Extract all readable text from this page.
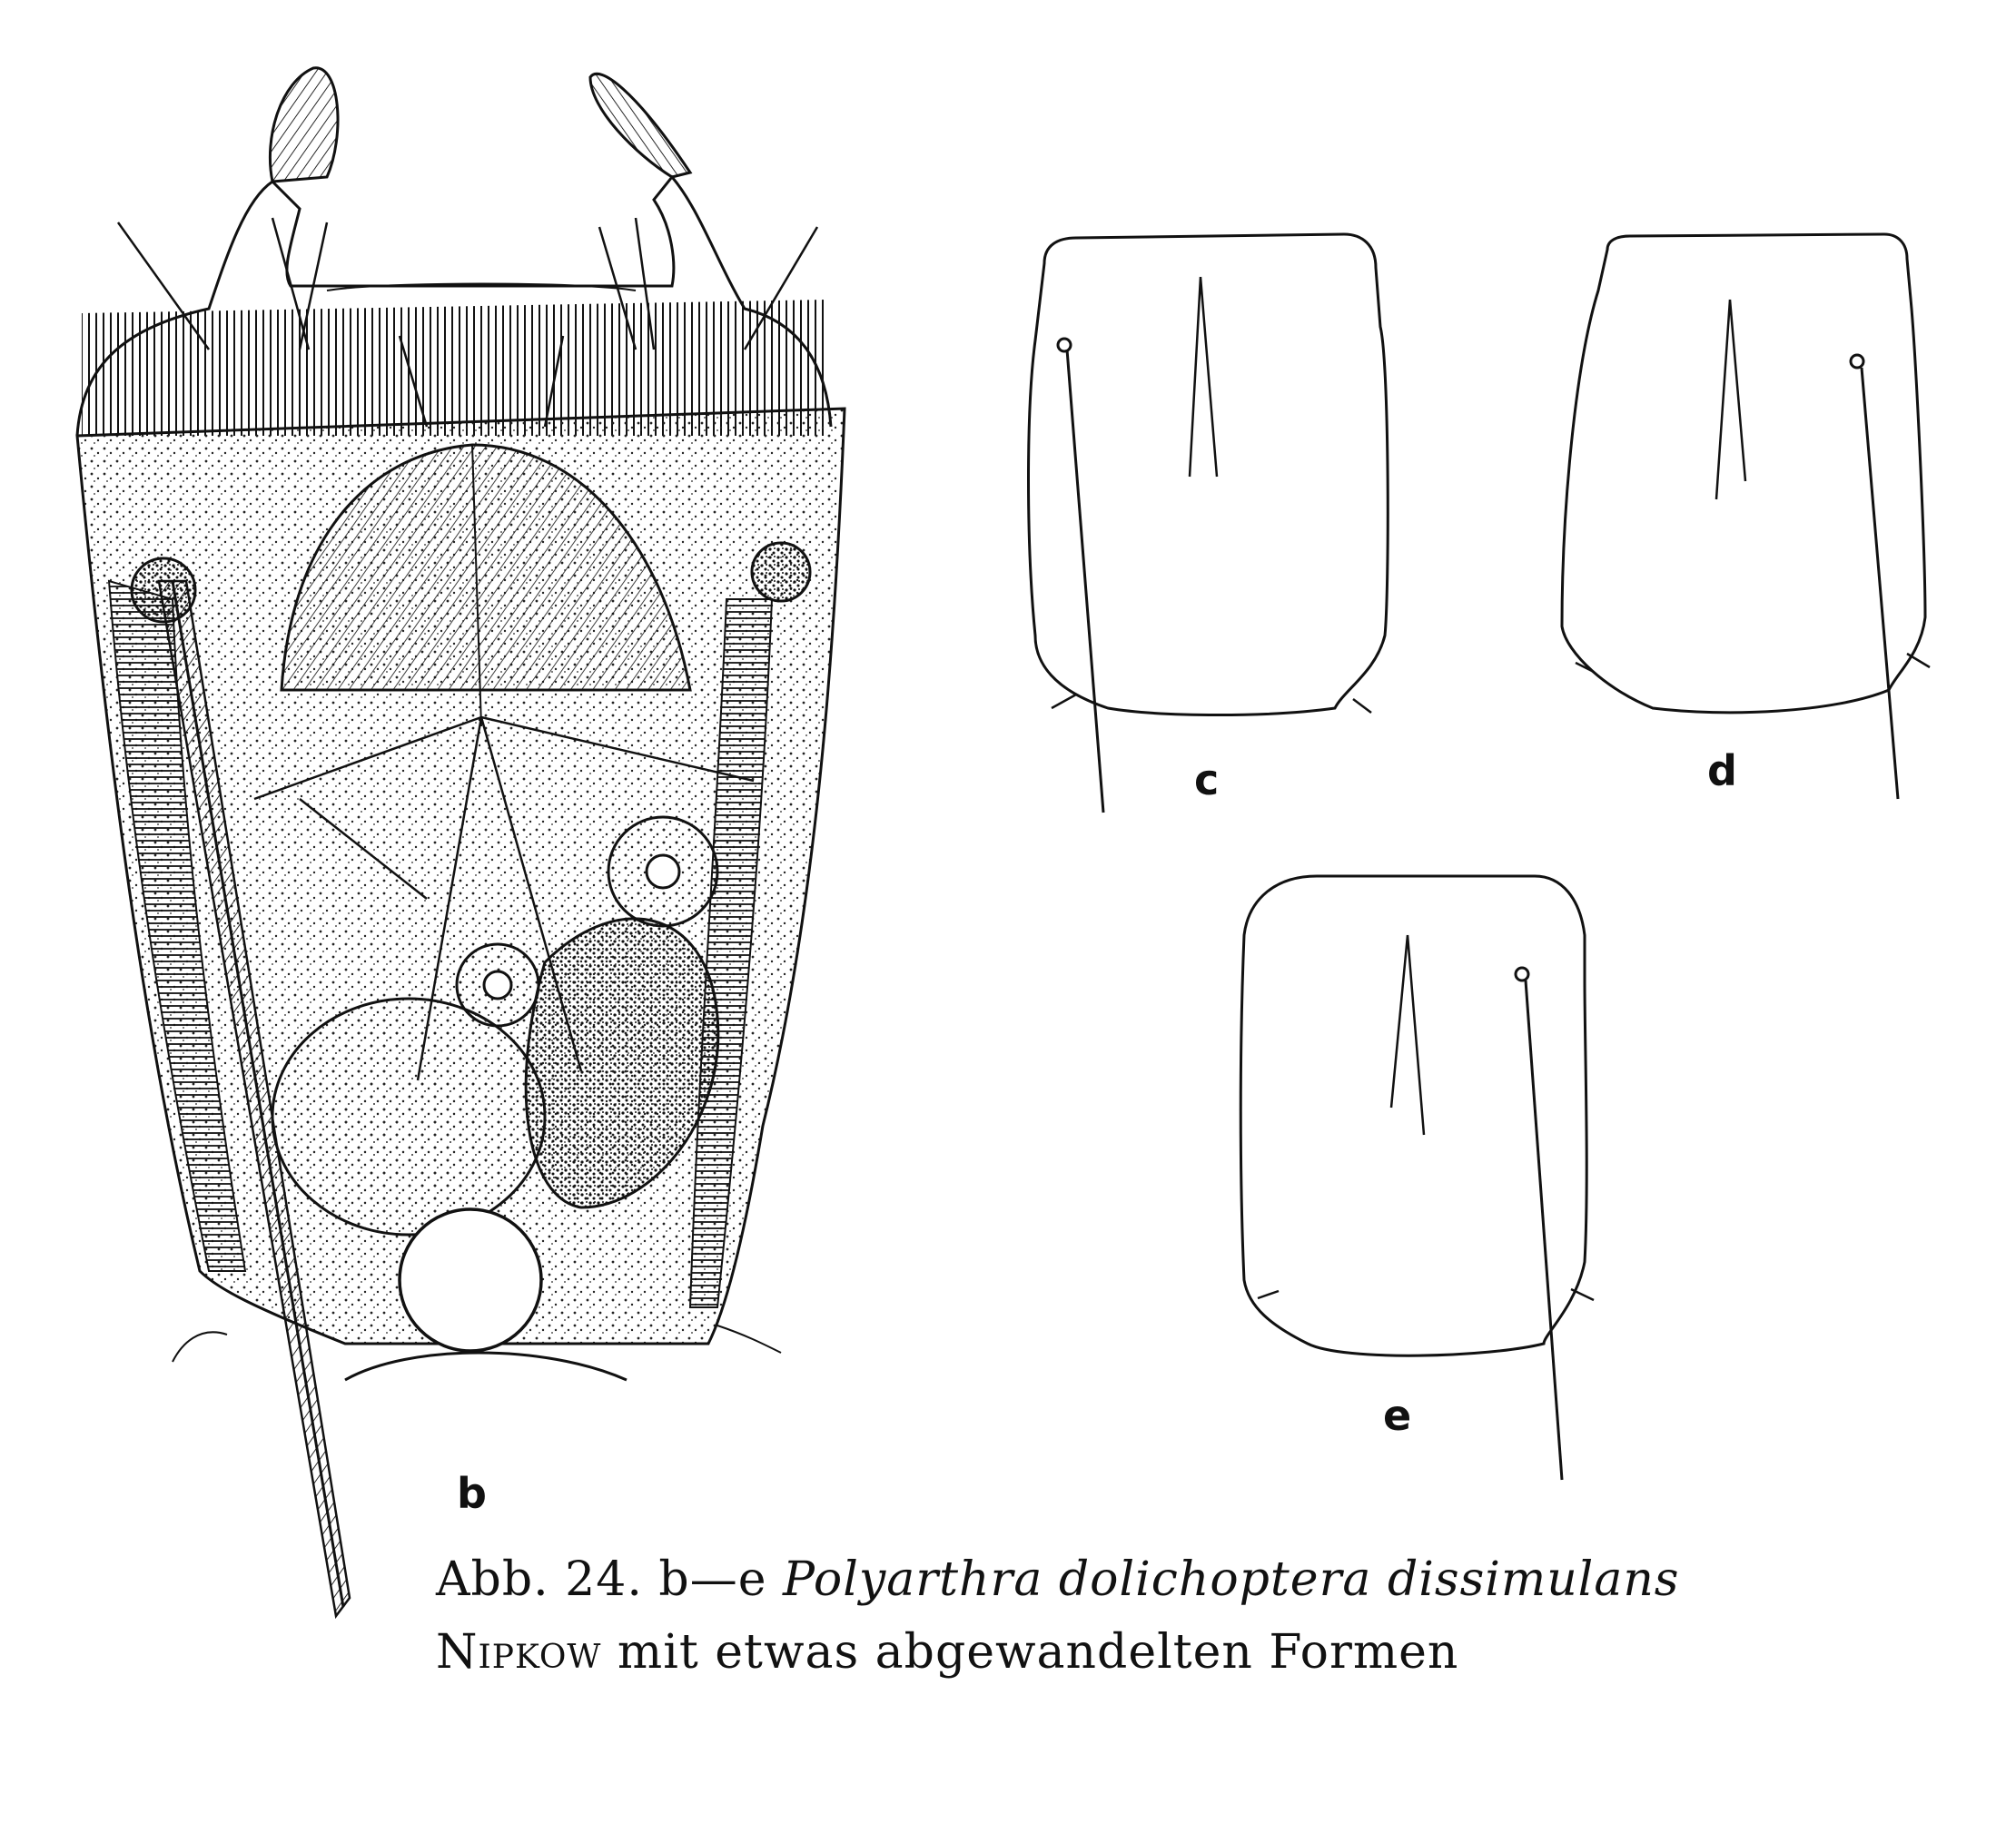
b
c	d
e
Abb. 24. b—e Polyarthra dolichoptera dissimulans
Nipkow mit etwas abgewandelten Formen
